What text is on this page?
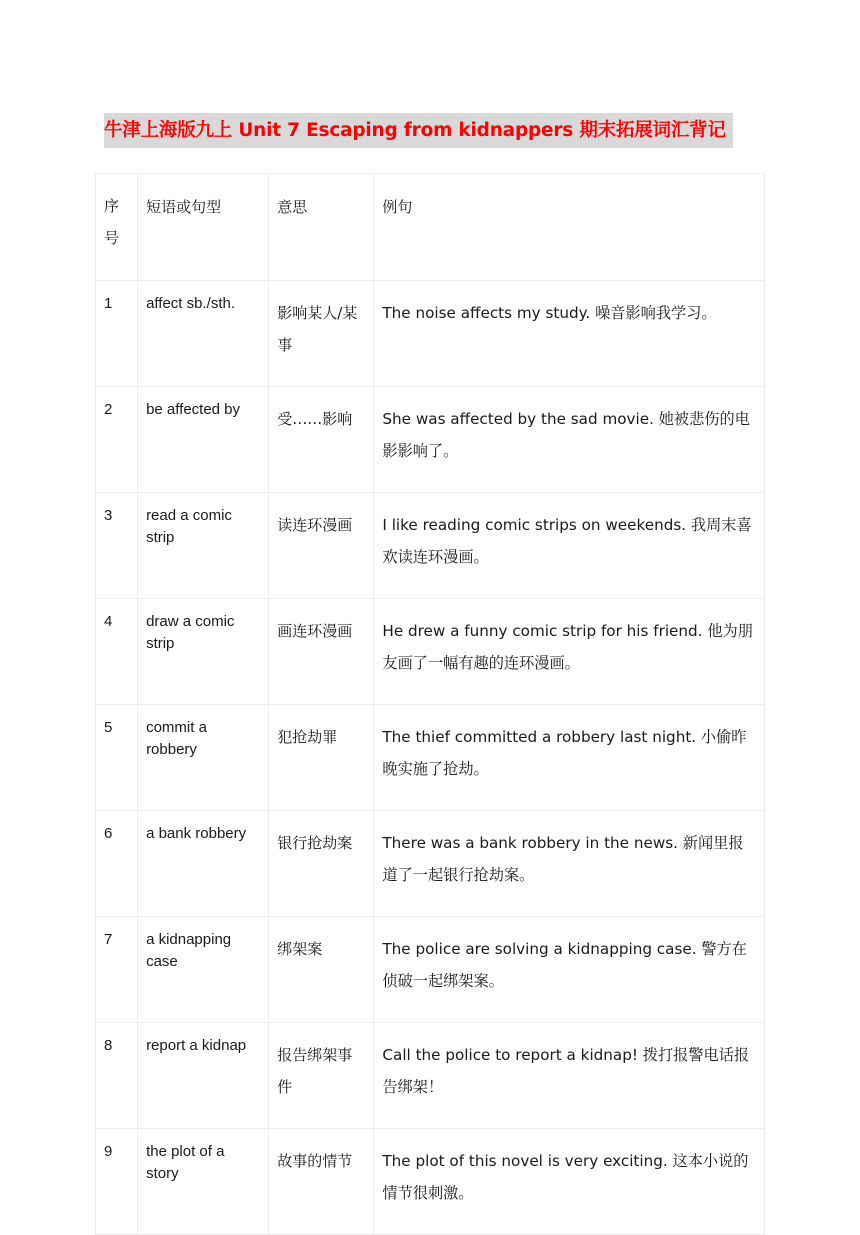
牛津上海版九上 Unit 7 Escaping from kidnappers 期末拓展词汇背记
序号	短语或句型	意思	例句
1	affect sb./sth.	影响某人/某事	The noise affects my study. 噪音影响我学习。
2	be affected by	受……影响	She was affected by the sad movie. 她被悲伤的电影影响了。
3	read a comic strip	读连环漫画	I like reading comic strips on weekends. 我周末喜欢读连环漫画。
4	draw a comic strip	画连环漫画	He drew a funny comic strip for his friend. 他为朋友画了一幅有趣的连环漫画。
5	commit a robbery	犯抢劫罪	The thief committed a robbery last night. 小偷昨晚实施了抢劫。
6	a bank robbery	银行抢劫案	There was a bank robbery in the news. 新闻里报道了一起银行抢劫案。
7	a kidnapping case	绑架案	The police are solving a kidnapping case. 警方在侦破一起绑架案。
8	report a kidnap	报告绑架事件	Call the police to report a kidnap! 拨打报警电话报告绑架！
9	the plot of a story	故事的情节	The plot of this novel is very exciting. 这本小说的情节很刺激。
